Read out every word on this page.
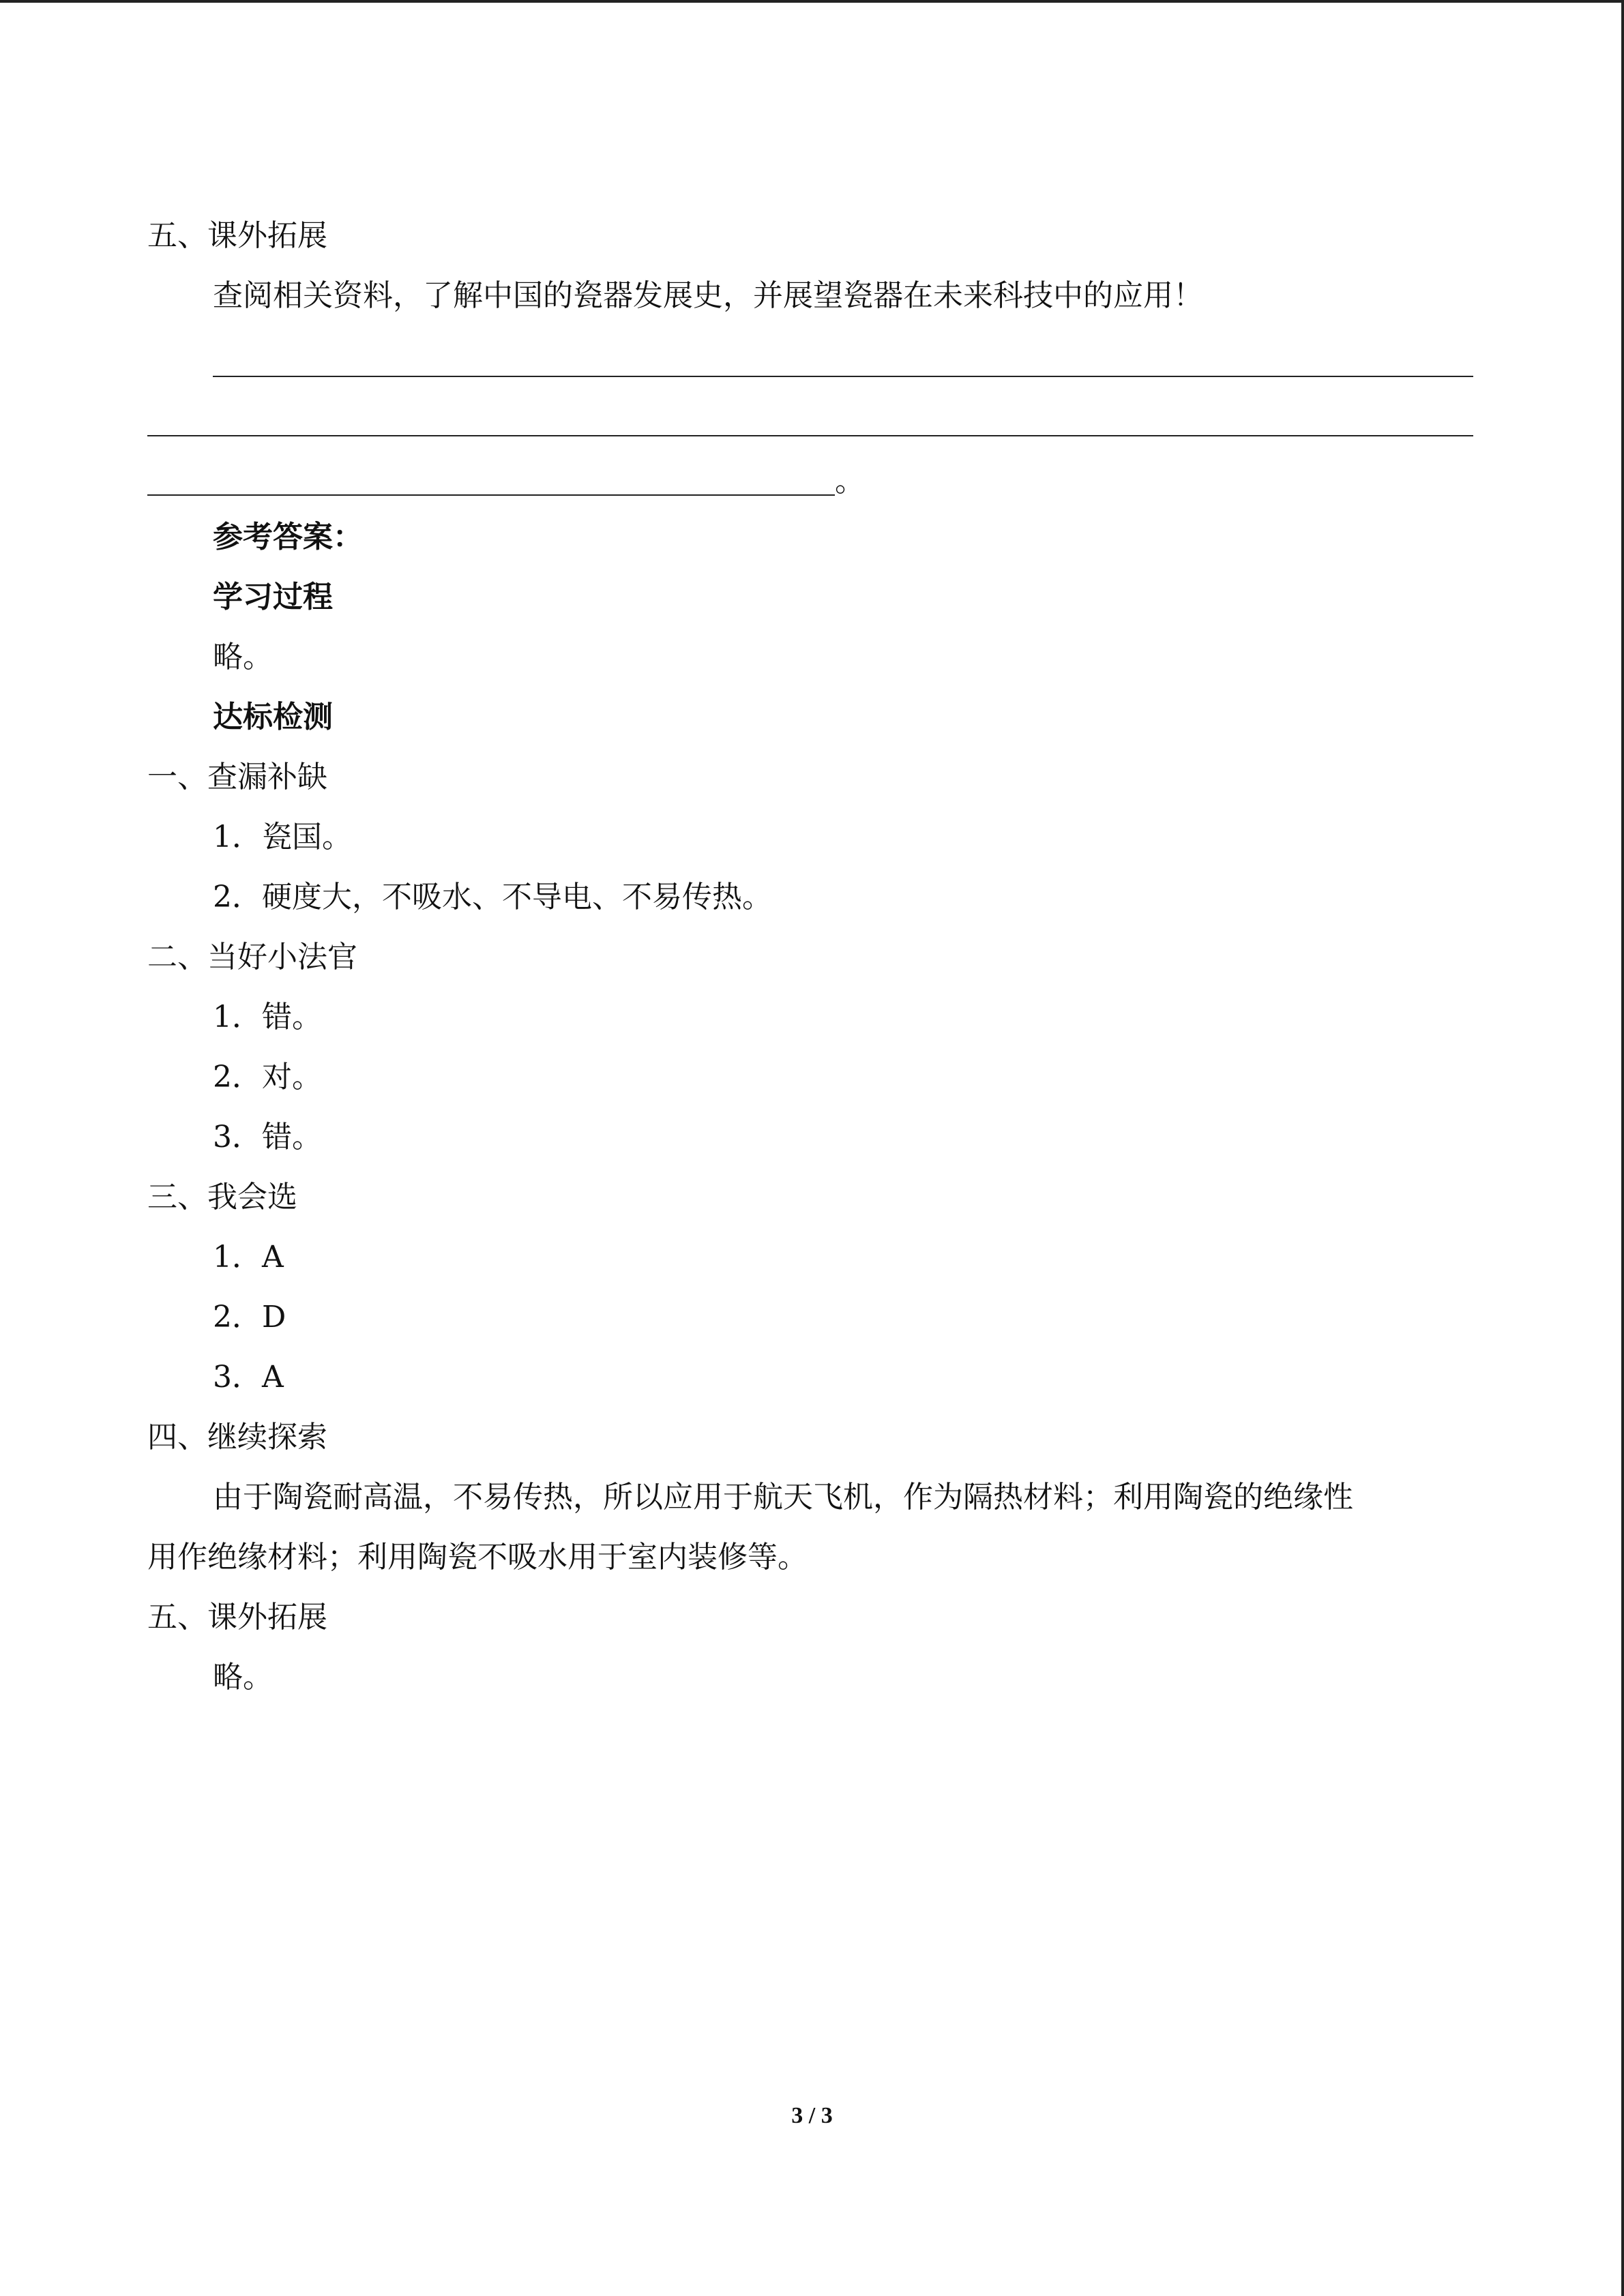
五、课外拓展

查阅相关资料，了解中国的瓷器发展史，并展望瓷器在未来科技中的应用！

。

参考答案：

学习过程

略。

达标检测

一、查漏补缺

1．瓷国。

2．硬度大，不吸水、不导电、不易传热。

二、当好小法官

1．错。

2．对。

3．错。

三、我会选

1．A

2．D

3．A

四、继续探索

由于陶瓷耐高温，不易传热，所以应用于航天飞机，作为隔热材料；利用陶瓷的绝缘性

用作绝缘材料；利用陶瓷不吸水用于室内装修等。

五、课外拓展

略。

3 / 3
